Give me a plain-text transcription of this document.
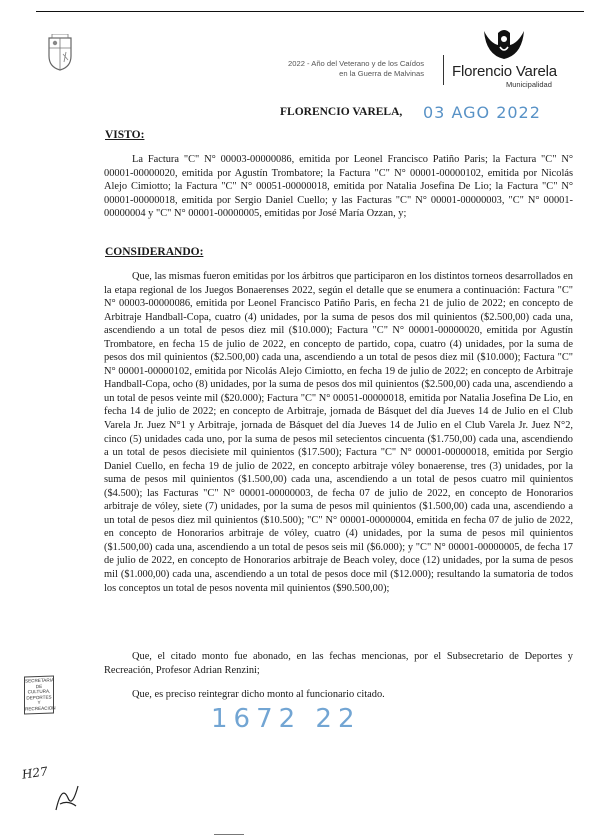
2022 - Año del Veterano y de los Caídos
en la Guerra de Malvinas Florencio Varela
Municipalidad
FLORENCIO VARELA, 03 AGO 2022
VISTO:

La Factura "C" N° 00003-00000086, emitida por Leonel Francisco Patiño Paris; la Factura "C" N° 00001-00000020, emitida por Agustín Trombatore; la Factura "C" N° 00001-00000102, emitida por Nicolás Alejo Cimiotto; la Factura "C" N° 00051-00000018, emitida por Natalia Josefina De Lio; la Factura "C" N° 00001-00000018, emitida por Sergio Daniel Cuello; y las Facturas "C" N° 00001-00000003, "C" N° 00001-00000004 y "C" N° 00001-00000005, emitidas por José María Ozzan, y;

CONSIDERANDO:

Que, las mismas fueron emitidas por los árbitros que participaron en los distintos torneos desarrollados en la etapa regional de los Juegos Bonaerenses 2022, según el detalle que se enumera a continuación: Factura "C" N° 00003-00000086, emitida por Leonel Francisco Patiño Paris, en fecha 21 de julio de 2022; en concepto de Arbitraje Handball-Copa, cuatro (4) unidades, por la suma de pesos dos mil quinientos ($2.500,00) cada una, ascendiendo a un total de pesos diez mil ($10.000); Factura "C" N° 00001-00000020, emitida por Agustín Trombatore, en fecha 15 de julio de 2022, en concepto de partido, copa, cuatro (4) unidades, por la suma de pesos dos mil quinientos ($2.500,00) cada una, ascendiendo a un total de pesos diez mil ($10.000); Factura "C" N° 00001-00000102, emitida por Nicolás Alejo Cimiotto, en fecha 19 de julio de 2022; en concepto de Arbitraje Handball-Copa, ocho (8) unidades, por la suma de pesos dos mil quinientos ($2.500,00) cada una, ascendiendo a un total de pesos veinte mil ($20.000); Factura "C" N° 00051-00000018, emitida por Natalia Josefina De Lio, en fecha 14 de julio de 2022; en concepto de Arbitraje, jornada de Básquet del día Jueves 14 de Julio en el Club Varela Jr. Juez N°1 y Arbitraje, jornada de Básquet del día Jueves 14 de Julio en el Club Varela Jr. Juez N°2, cinco (5) unidades cada uno, por la suma de pesos mil setecientos cincuenta ($1.750,00) cada una, ascendiendo a un total de pesos diecisiete mil quinientos ($17.500); Factura "C" N° 00001-00000018, emitida por Sergio Daniel Cuello, en fecha 19 de julio de 2022, en concepto arbitraje vóley bonaerense, tres (3) unidades, por la suma de pesos mil quinientos ($1.500,00) cada una, ascendiendo a un total de pesos cuatro mil quinientos ($4.500); las Facturas "C" N° 00001-00000003, de fecha 07 de julio de 2022, en concepto de Honorarios arbitraje de vóley, siete (7) unidades, por la suma de pesos mil quinientos ($1.500,00) cada una, ascendiendo a un total de pesos diez mil quinientos ($10.500); "C" N° 00001-00000004, emitida en fecha 07 de julio de 2022, en concepto de Honorarios arbitraje de vóley, cuatro (4) unidades, por la suma de pesos mil quinientos ($1.500,00) cada una, ascendiendo a un total de pesos seis mil ($6.000); y "C" N° 00001-00000005, de fecha 17 de julio de 2022, en concepto de Honorarios arbitraje de Beach voley, doce (12) unidades, por la suma de pesos mil ($1.000,00) cada una, ascendiendo a un total de pesos doce mil ($12.000); resultando la sumatoria de todos los conceptos un total de pesos noventa mil quinientos ($90.500,00);

Que, el citado monto fue abonado, en las fechas mencionas, por el Subsecretario de Deportes y Recreación, Profesor Adrian Renzini;

Que, es preciso reintegrar dicho monto al funcionario citado.

SECRETARIA
DE CULTURA,
DEPORTES Y
RECREACION	1672 22
H27
